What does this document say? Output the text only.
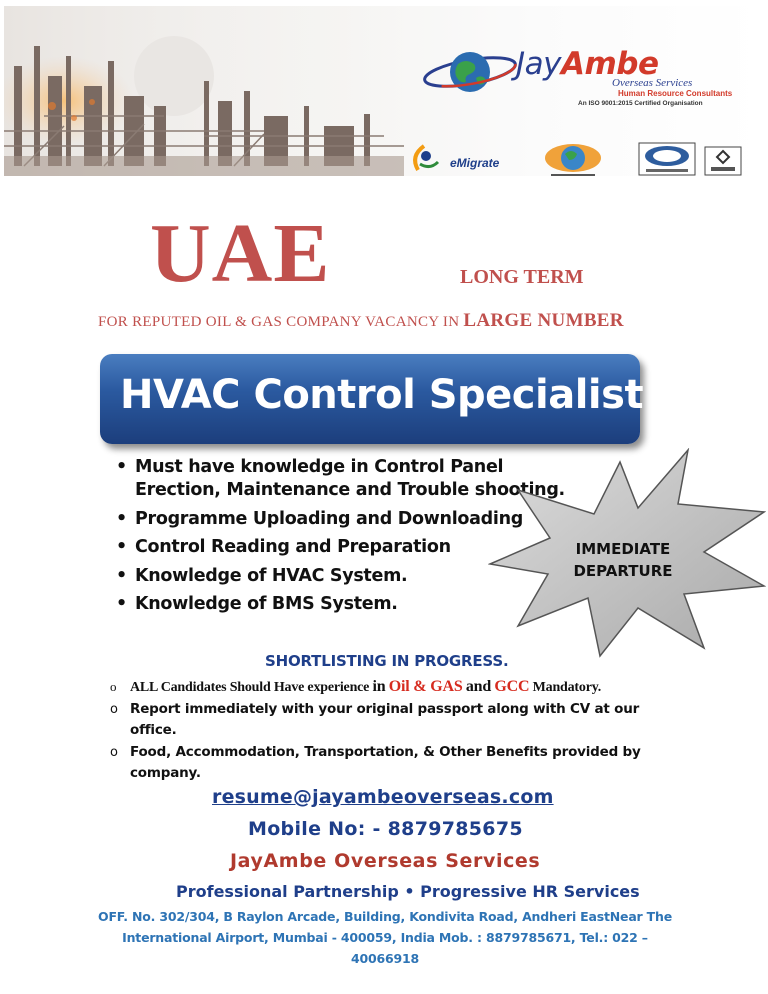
JayAmbe
Overseas Services
Human Resource Consultants
An ISO 9001:2015 Certified Organisation
eMigrate
UAE	LONG TERM
FOR REPUTED OIL & GAS COMPANY VACANCY IN LARGE NUMBER
HVAC Control Specialist
• Must have knowledge in Control Panel Erection, Maintenance and Trouble shooting.
• Programme Uploading and Downloading
• Control Reading and Preparation
• Knowledge of HVAC System.
• Knowledge of BMS System.
IMMEDIATE
DEPARTURE
SHORTLISTING IN PROGRESS.
o ALL Candidates Should Have experience in Oil & GAS and GCC Mandatory.
o Report immediately with your original passport along with CV at our office.
o Food, Accommodation, Transportation, & Other Benefits provided by company.
resume@jayambeoverseas.com
Mobile No: - 8879785675
JayAmbe Overseas Services
Professional Partnership • Progressive HR Services
OFF. No. 302/304, B Raylon Arcade, Building, Kondivita Road, Andheri EastNear The International Airport, Mumbai - 400059, India Mob. : 8879785671, Tel.: 022 – 40066918
